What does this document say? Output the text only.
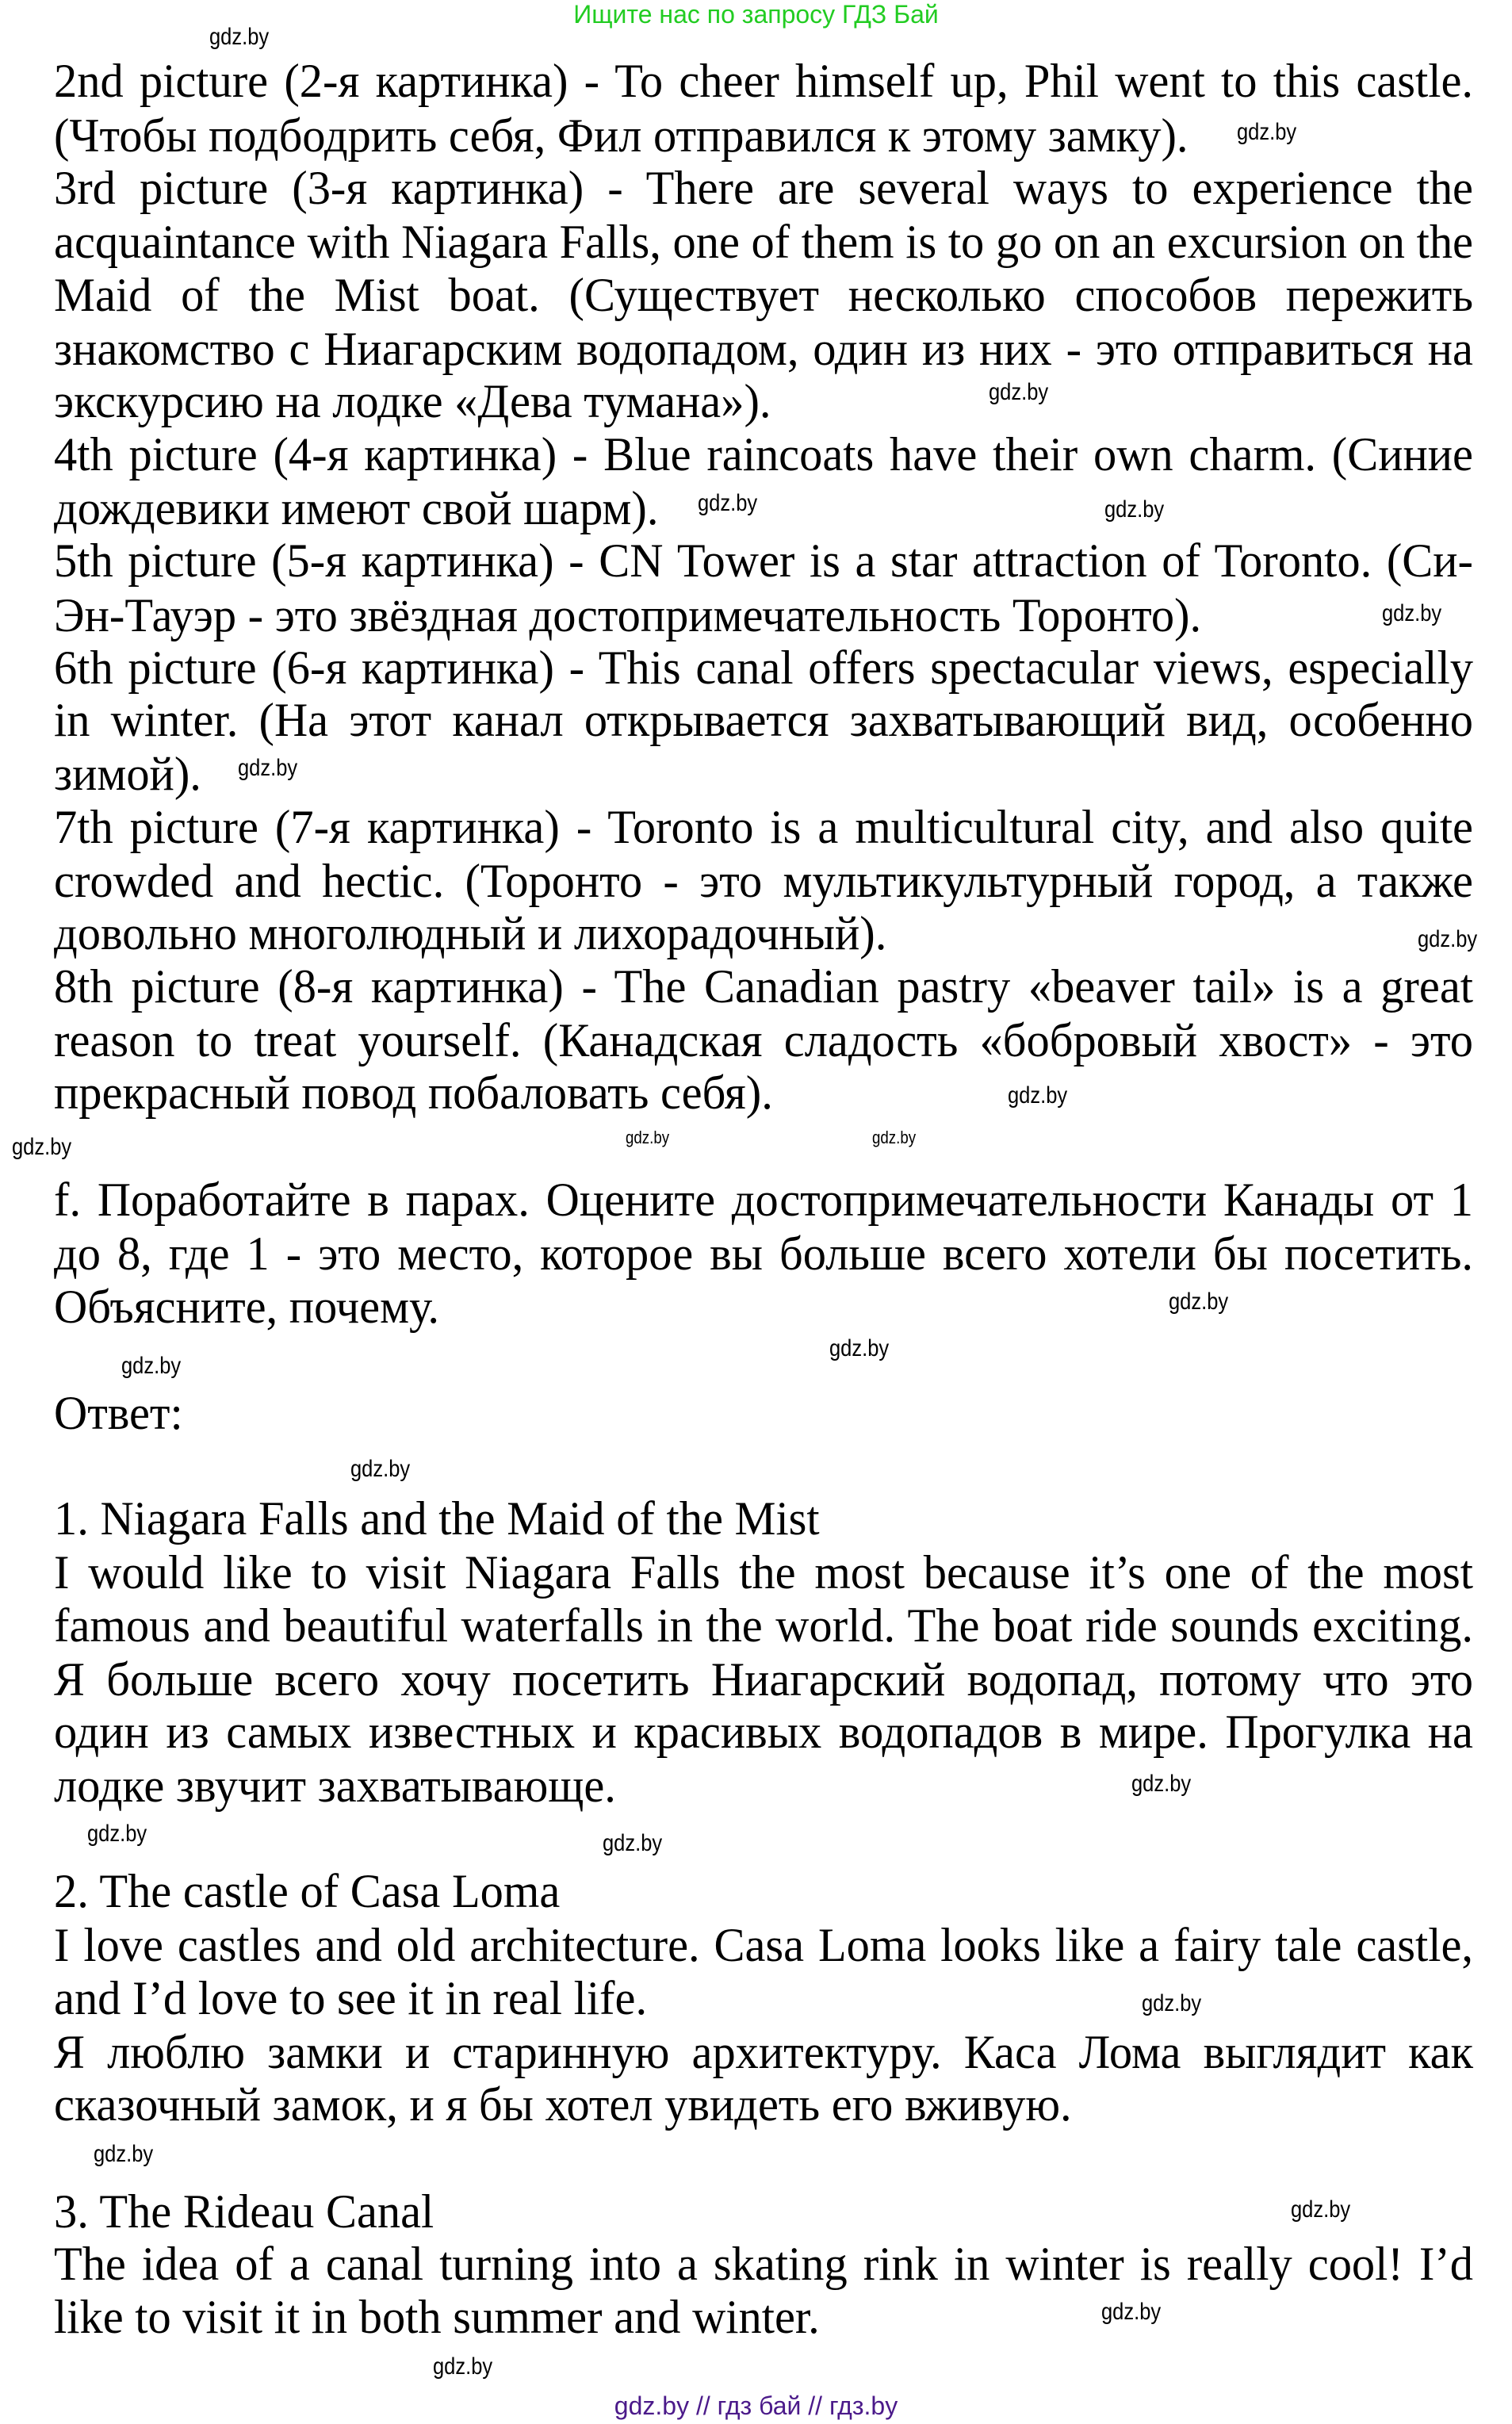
Ищите нас по запросу ГДЗ Бай
2nd picture (2-я картинка) - To cheer himself up, Phil went to this castle.
(Чтобы подбодрить себя, Фил отправился к этому замку).
3rd picture (3-я картинка) - There are several ways to experience the
acquaintance with Niagara Falls, one of them is to go on an excursion on the
Maid of the Mist boat. (Существует несколько способов пережить
знакомство с Ниагарским водопадом, один из них - это отправиться на
экскурсию на лодке «Дева тумана»).
4th picture (4-я картинка) - Blue raincoats have their own charm. (Синие
дождевики имеют свой шарм).
5th picture (5-я картинка) - CN Tower is a star attraction of Toronto. (Си-
Эн-Тауэр - это звёздная достопримечательность Торонто).
6th picture (6-я картинка) - This canal offers spectacular views, especially
in winter. (На этот канал открывается захватывающий вид, особенно
зимой).
7th picture (7-я картинка) - Toronto is a multicultural city, and also quite
crowded and hectic. (Торонто - это мультикультурный город, а также
довольно многолюдный и лихорадочный).
8th picture (8-я картинка) - The Canadian pastry «beaver tail» is a great
reason to treat yourself. (Канадская сладость «бобровый хвост» - это
прекрасный повод побаловать себя).
f. Поработайте в парах. Оцените достопримечательности Канады от 1
до 8, где 1 - это место, которое вы больше всего хотели бы посетить.
Объясните, почему.
Ответ:
1. Niagara Falls and the Maid of the Mist
I would like to visit Niagara Falls the most because it’s one of the most
famous and beautiful waterfalls in the world. The boat ride sounds exciting.
Я больше всего хочу посетить Ниагарский водопад, потому что это
один из самых известных и красивых водопадов в мире. Прогулка на
лодке звучит захватывающе.
2. The castle of Casa Loma
I love castles and old architecture. Casa Loma looks like a fairy tale castle,
and I’d love to see it in real life.
Я люблю замки и старинную архитектуру. Каса Лома выглядит как
сказочный замок, и я бы хотел увидеть его вживую.
3. The Rideau Canal
The idea of a canal turning into a skating rink in winter is really cool! I’d
like to visit it in both summer and winter.
gdz.by
gdz.by
gdz.by
gdz.by
gdz.by	gdz.by
gdz.by
gdz.by
gdz.by
gdz.by
gdz.by
gdz.by
gdz.by
gdz.by
gdz.by
gdz.by
gdz.by
gdz.by	gdz.by
gdz.by
gdz.by
gdz.by
gdz.by
gdz.by
gdz.by // гдз бай // гдз.by
